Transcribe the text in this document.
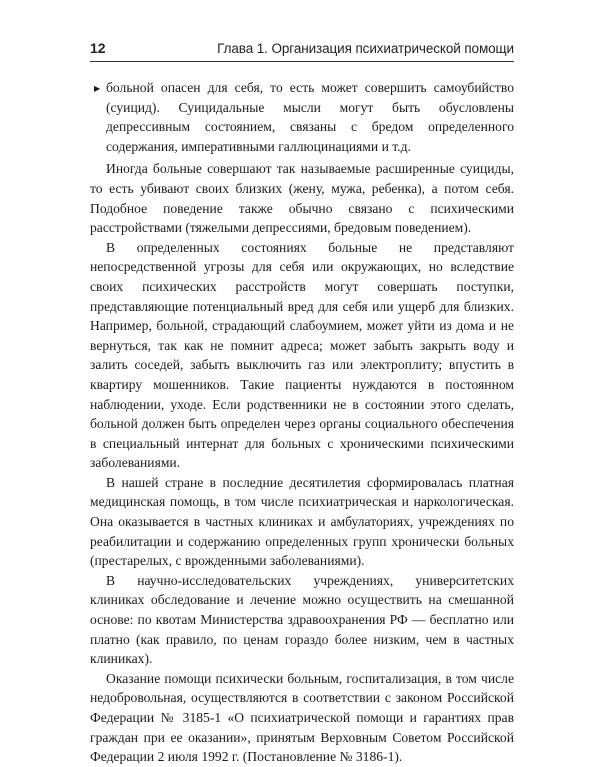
12	Глава 1. Организация психиатрической помощи

▶ больной опасен для себя, то есть может совершить самоубийство (суицид). Суицидальные мысли могут быть обусловлены депрессивным состоянием, связаны с бредом определенного содержания, императивными галлюцинациями и т.д.

Иногда больные совершают так называемые расширенные суициды, то есть убивают своих близких (жену, мужа, ребенка), а потом себя. Подобное поведение также обычно связано с психическими расстройствами (тяжелыми депрессиями, бредовым поведением).

В определенных состояниях больные не представляют непосредственной угрозы для себя или окружающих, но вследствие своих психических расстройств могут совершать поступки, представляющие потенциальный вред для себя или ущерб для близких. Например, больной, страдающий слабоумием, может уйти из дома и не вернуться, так как не помнит адреса; может забыть закрыть воду и залить соседей, забыть выключить газ или электроплиту; впустить в квартиру мошенников. Такие пациенты нуждаются в постоянном наблюдении, уходе. Если родственники не в состоянии этого сделать, больной должен быть определен через органы социального обеспечения в специальный интернат для больных с хроническими психическими заболеваниями.

В нашей стране в последние десятилетия сформировалась платная медицинская помощь, в том числе психиатрическая и наркологическая. Она оказывается в частных клиниках и амбулаториях, учреждениях по реабилитации и содержанию определенных групп хронически больных (престарелых, с врожденными заболеваниями).

В научно-исследовательских учреждениях, университетских клиниках обследование и лечение можно осуществить на смешанной основе: по квотам Министерства здравоохранения РФ — бесплатно или платно (как правило, по ценам гораздо более низким, чем в частных клиниках).

Оказание помощи психически больным, госпитализация, в том числе недобровольная, осуществляются в соответствии с законом Российской Федерации № 3185-1 «О психиатрической помощи и гарантиях прав граждан при ее оказании», принятым Верховным Советом Российской Федерации 2 июля 1992 г. (Постановление № 3186-1).
